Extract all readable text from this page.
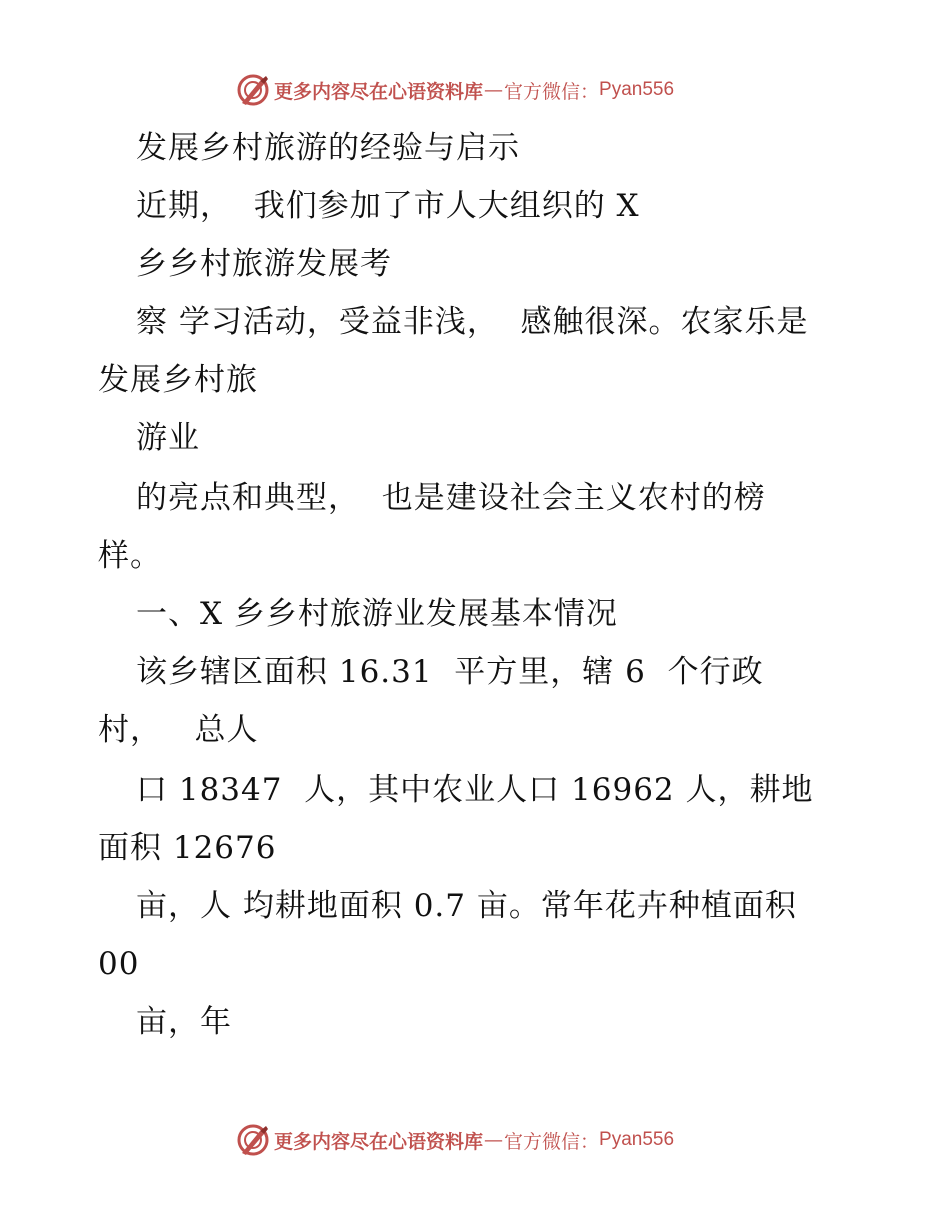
更多内容尽在心语资料库 — 官方微信： Pyan556
发展乡村旅游的经验与启示
近期，  我们参加了市人大组织的 X
乡乡村旅游发展考
察 学习活动，受益非浅，  感触很深。农家乐是
发展乡村旅
游业
的亮点和典型，  也是建设社会主义农村的榜
样。
一、X 乡乡村旅游业发展基本情况
该乡辖区面积 16.31  平方里，辖 6  个行政
村，   总人
口 18347  人，其中农业人口 16962 人，耕地
面积 12676
亩，人 均耕地面积 0.7 亩。常年花卉种植面积
00
亩，年
更多内容尽在心语资料库 — 官方微信： Pyan556
